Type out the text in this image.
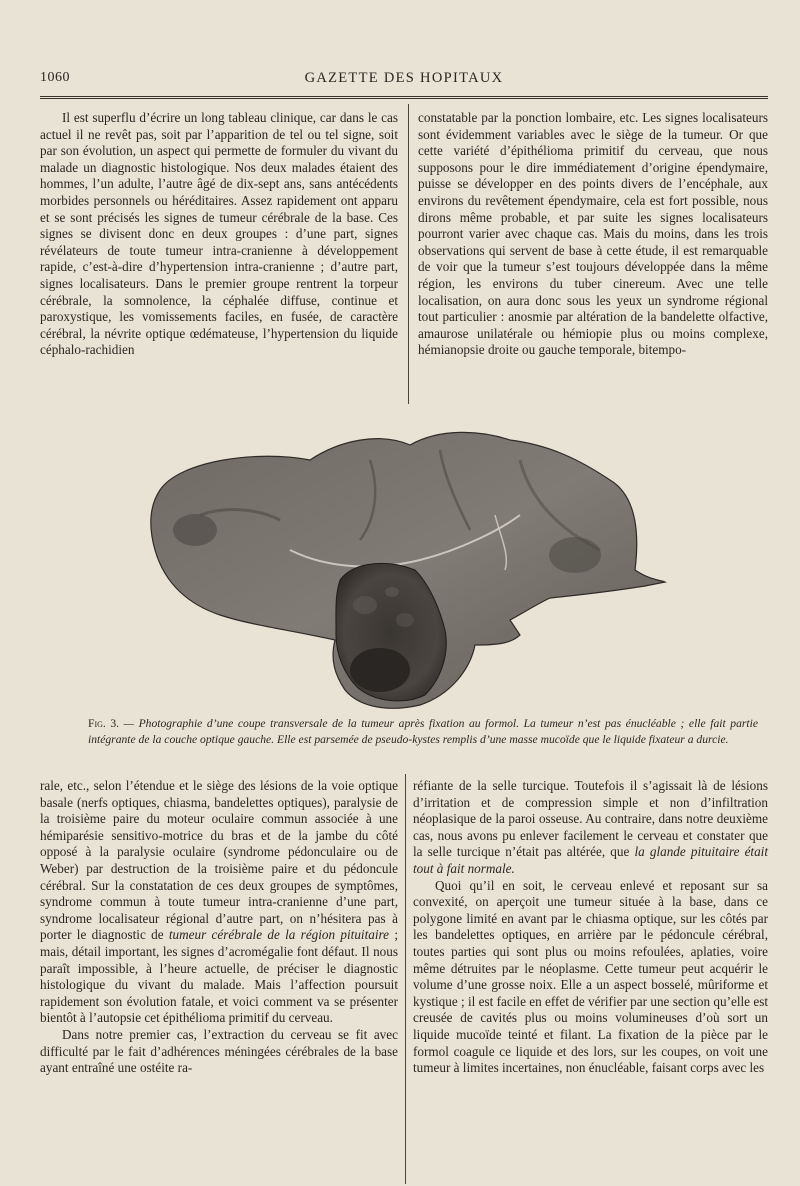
1060	GAZETTE DES HOPITAUX

Il est superflu d’écrire un long tableau clinique, car dans le cas actuel il ne revêt pas, soit par l’apparition de tel ou tel signe, soit par son évolution, un aspect qui permette de formuler du vivant du malade un diagnostic histologique. Nos deux malades étaient des hommes, l’un adulte, l’autre âgé de dix-sept ans, sans antécédents morbides personnels ou héréditaires. Assez rapidement ont apparu et se sont précisés les signes de tumeur cérébrale de la base. Ces signes se divisent donc en deux groupes : d’une part, signes révélateurs de toute tumeur intra-cranienne à développement rapide, c’est-à-dire d’hypertension intra-cranienne ; d’autre part, signes localisateurs. Dans le premier groupe rentrent la torpeur cérébrale, la somnolence, la céphalée diffuse, continue et paroxystique, les vomissements faciles, en fusée, de caractère cérébral, la névrite optique œdémateuse, l’hypertension du liquide céphalo-rachidien

constatable par la ponction lombaire, etc. Les signes localisateurs sont évidemment variables avec le siège de la tumeur. Or que cette variété d’épithélioma primitif du cerveau, que nous supposons pour le dire immédiatement d’origine épendymaire, puisse se développer en des points divers de l’encéphale, aux environs du revêtement épendymaire, cela est fort possible, nous dirons même probable, et par suite les signes localisateurs pourront varier avec chaque cas. Mais du moins, dans les trois observations qui servent de base à cette étude, il est remarquable de voir que la tumeur s’est toujours développée dans la même région, les environs du tuber cinereum. Avec une telle localisation, on aura donc sous les yeux un syndrome régional tout particulier : anosmie par altération de la bandelette olfactive, amaurose unilatérale ou hémiopie plus ou moins complexe, hémianopsie droite ou gauche temporale, bitempo-

Fig. 3. — Photographie d’une coupe transversale de la tumeur après fixation au formol. La tumeur n’est pas énucléable ; elle fait partie intégrante de la couche optique gauche. Elle est parsemée de pseudo-kystes remplis d’une masse mucoïde que le liquide fixateur a durcie.

rale, etc., selon l’étendue et le siège des lésions de la voie optique basale (nerfs optiques, chiasma, bandelettes optiques), paralysie de la troisième paire du moteur oculaire commun associée à une hémiparésie sensitivo-motrice du bras et de la jambe du côté opposé à la paralysie oculaire (syndrome pédonculaire ou de Weber) par destruction de la troisième paire et du pédoncule cérébral. Sur la constatation de ces deux groupes de symptômes, syndrome commun à toute tumeur intra-cranienne d’une part, syndrome localisateur régional d’autre part, on n’hésitera pas à porter le diagnostic de tumeur cérébrale de la région pituitaire ; mais, détail important, les signes d’acromégalie font défaut. Il nous paraît impossible, à l’heure actuelle, de préciser le diagnostic histologique du vivant du malade. Mais l’affection poursuit rapidement son évolution fatale, et voici comment va se présenter bientôt à l’autopsie cet épithélioma primitif du cerveau.

Dans notre premier cas, l’extraction du cerveau se fit avec difficulté par le fait d’adhérences méningées cérébrales de la base ayant entraîné une ostéite ra-

réfiante de la selle turcique. Toutefois il s’agissait là de lésions d’irritation et de compression simple et non d’infiltration néoplasique de la paroi osseuse. Au contraire, dans notre deuxième cas, nous avons pu enlever facilement le cerveau et constater que la selle turcique n’était pas altérée, que la glande pituitaire était tout à fait normale.

Quoi qu’il en soit, le cerveau enlevé et reposant sur sa convexité, on aperçoit une tumeur située à la base, dans ce polygone limité en avant par le chiasma optique, sur les côtés par les bandelettes optiques, en arrière par le pédoncule cérébral, toutes parties qui sont plus ou moins refoulées, aplaties, voire même détruites par le néoplasme. Cette tumeur peut acquérir le volume d’une grosse noix. Elle a un aspect bosselé, mûriforme et kystique ; il est facile en effet de vérifier par une section qu’elle est creusée de cavités plus ou moins volumineuses d’où sort un liquide mucoïde teinté et filant. La fixation de la pièce par le formol coagule ce liquide et des lors, sur les coupes, on voit une tumeur à limites incertaines, non énucléable, faisant corps avec les
